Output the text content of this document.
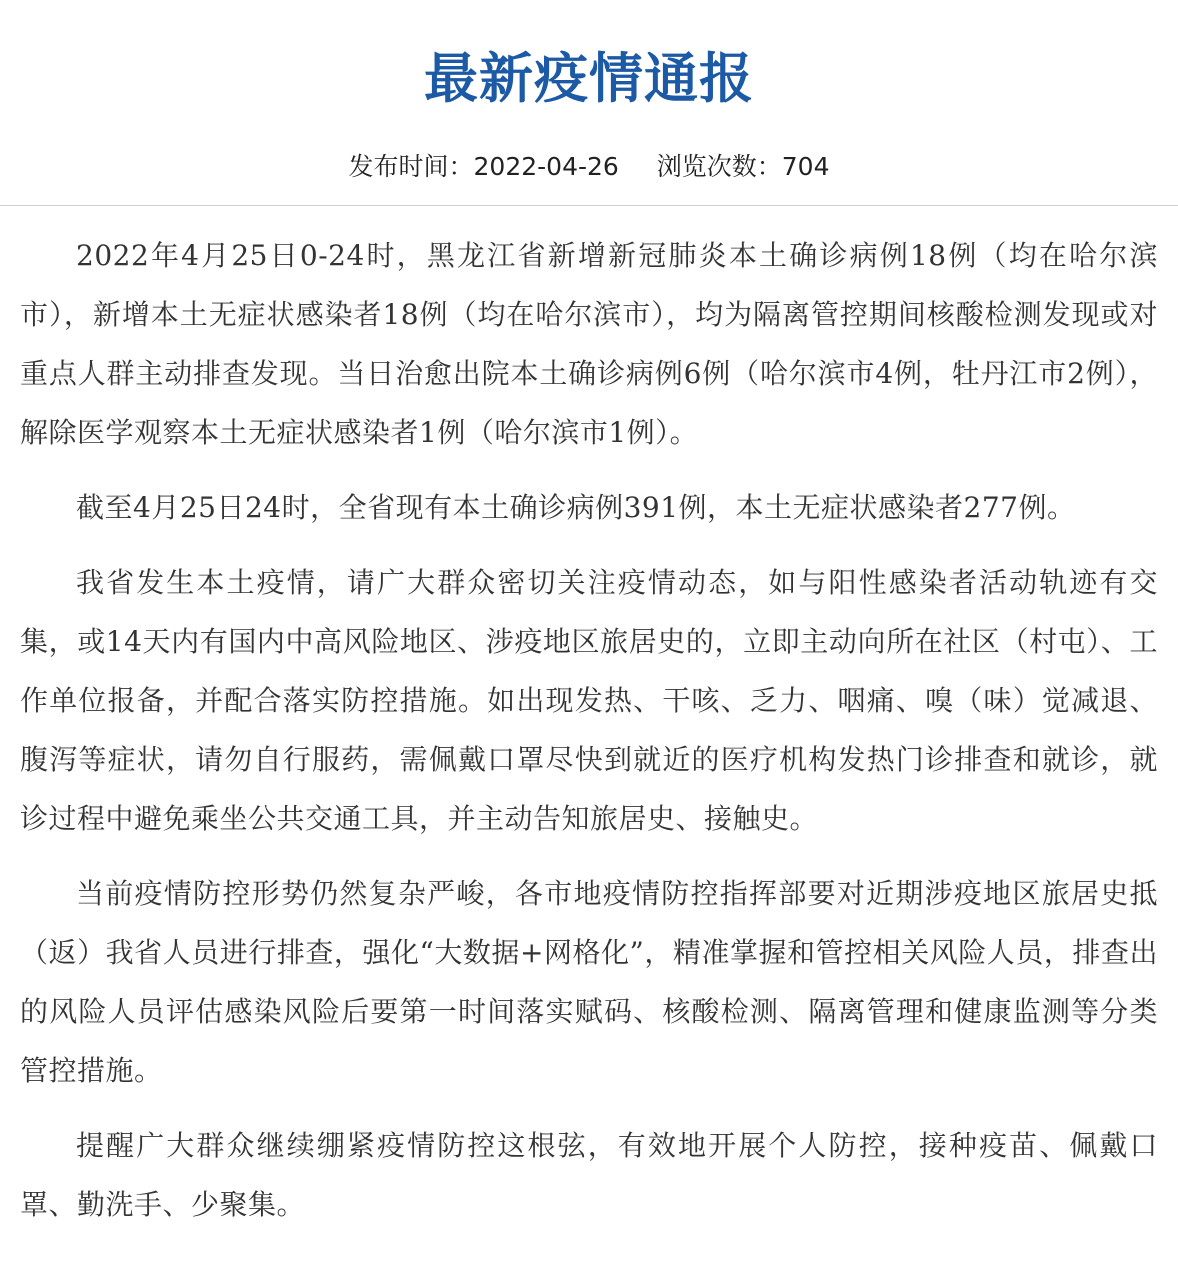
最新疫情通报
发布时间：2022-04-26 浏览次数：704

2022年4月25日0-24时，黑龙江省新增新冠肺炎本土确诊病例18例（均在哈尔滨市），新增本土无症状感染者18例（均在哈尔滨市），均为隔离管控期间核酸检测发现或对重点人群主动排查发现。当日治愈出院本土确诊病例6例（哈尔滨市4例，牡丹江市2例），解除医学观察本土无症状感染者1例（哈尔滨市1例）。

截至4月25日24时，全省现有本土确诊病例391例，本土无症状感染者277例。

我省发生本土疫情，请广大群众密切关注疫情动态，如与阳性感染者活动轨迹有交集，或14天内有国内中高风险地区、涉疫地区旅居史的，立即主动向所在社区（村屯）、工作单位报备，并配合落实防控措施。如出现发热、干咳、乏力、咽痛、嗅（味）觉减退、腹泻等症状，请勿自行服药，需佩戴口罩尽快到就近的医疗机构发热门诊排查和就诊，就诊过程中避免乘坐公共交通工具，并主动告知旅居史、接触史。

当前疫情防控形势仍然复杂严峻，各市地疫情防控指挥部要对近期涉疫地区旅居史抵（返）我省人员进行排查，强化“大数据+网格化”，精准掌握和管控相关风险人员，排查出的风险人员评估感染风险后要第一时间落实赋码、核酸检测、隔离管理和健康监测等分类管控措施。

提醒广大群众继续绷紧疫情防控这根弦，有效地开展个人防控，接种疫苗、佩戴口罩、勤洗手、少聚集。
